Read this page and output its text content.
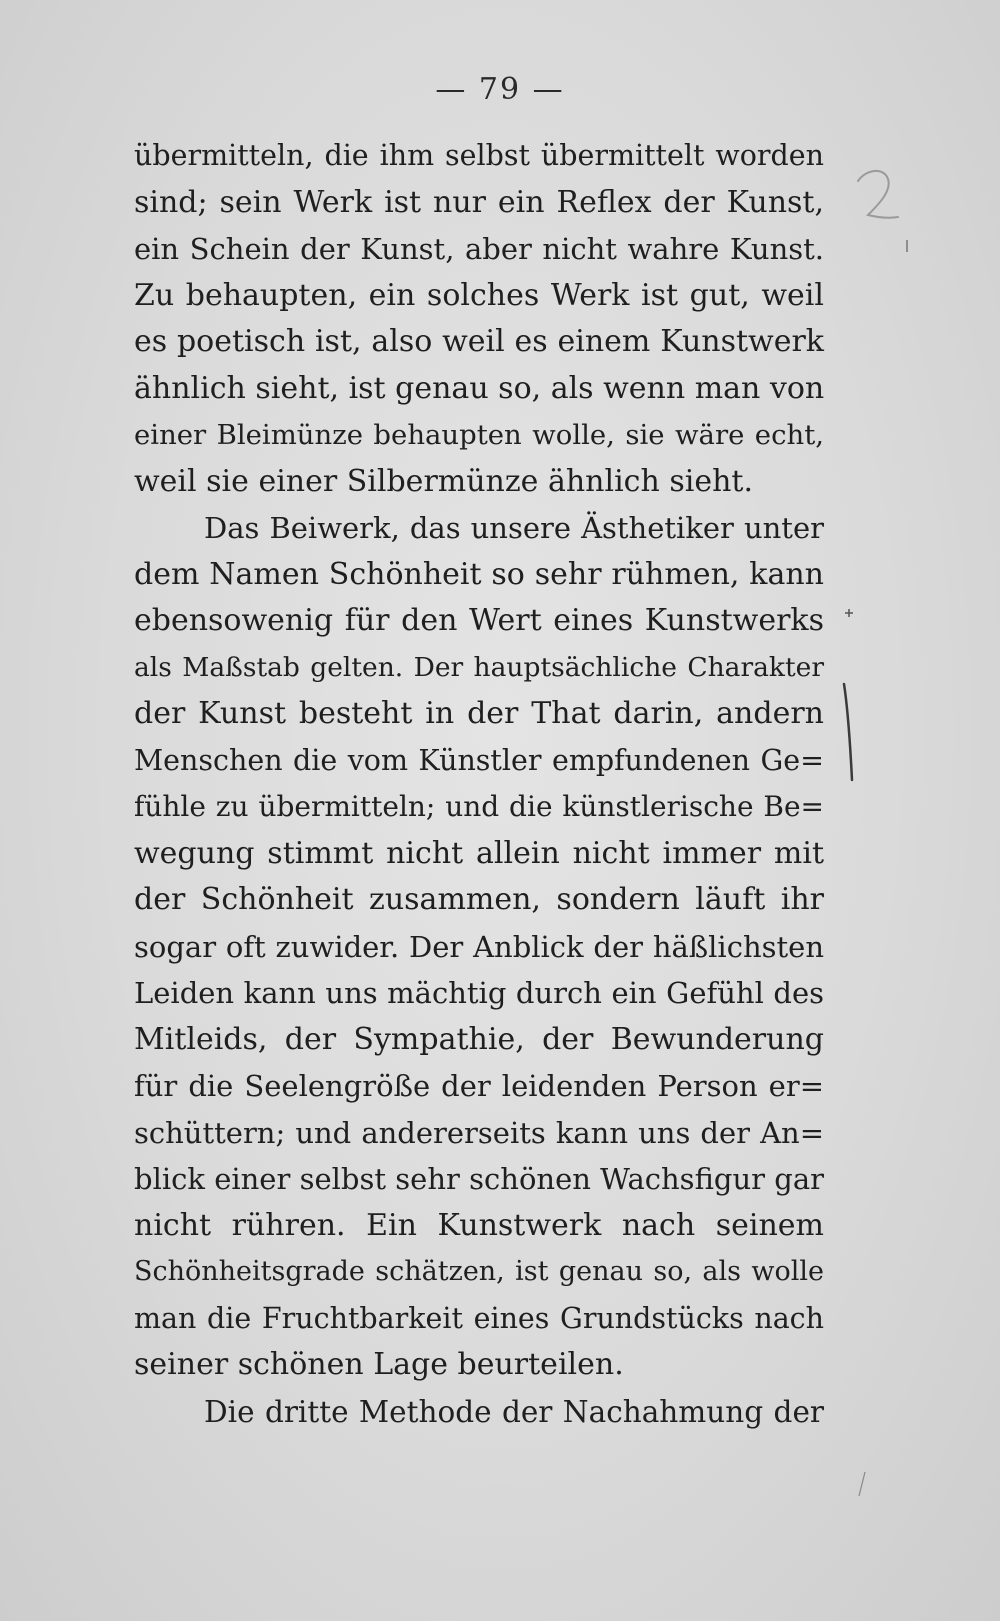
— 79 —
übermitteln, die ihm selbst übermittelt worden
sind; sein Werk ist nur ein Reflex der Kunst,
ein Schein der Kunst, aber nicht wahre Kunst.
Zu behaupten, ein solches Werk ist gut, weil
es poetisch ist, also weil es einem Kunstwerk
ähnlich sieht, ist genau so, als wenn man von
einer Bleimünze behaupten wolle, sie wäre echt,
weil sie einer Silbermünze ähnlich sieht.
Das Beiwerk, das unsere Ästhetiker unter
dem Namen Schönheit so sehr rühmen, kann
ebensowenig für den Wert eines Kunstwerks
als Maßstab gelten. Der hauptsächliche Charakter
der Kunst besteht in der That darin, andern
Menschen die vom Künstler empfundenen Ge=
fühle zu übermitteln; und die künstlerische Be=
wegung stimmt nicht allein nicht immer mit
der Schönheit zusammen, sondern läuft ihr
sogar oft zuwider. Der Anblick der häßlichsten
Leiden kann uns mächtig durch ein Gefühl des
Mitleids, der Sympathie, der Bewunderung
für die Seelengröße der leidenden Person er=
schüttern; und andererseits kann uns der An=
blick einer selbst sehr schönen Wachsfigur gar
nicht rühren. Ein Kunstwerk nach seinem
Schönheitsgrade schätzen, ist genau so, als wolle
man die Fruchtbarkeit eines Grundstücks nach
seiner schönen Lage beurteilen.
Die dritte Methode der Nachahmung der
